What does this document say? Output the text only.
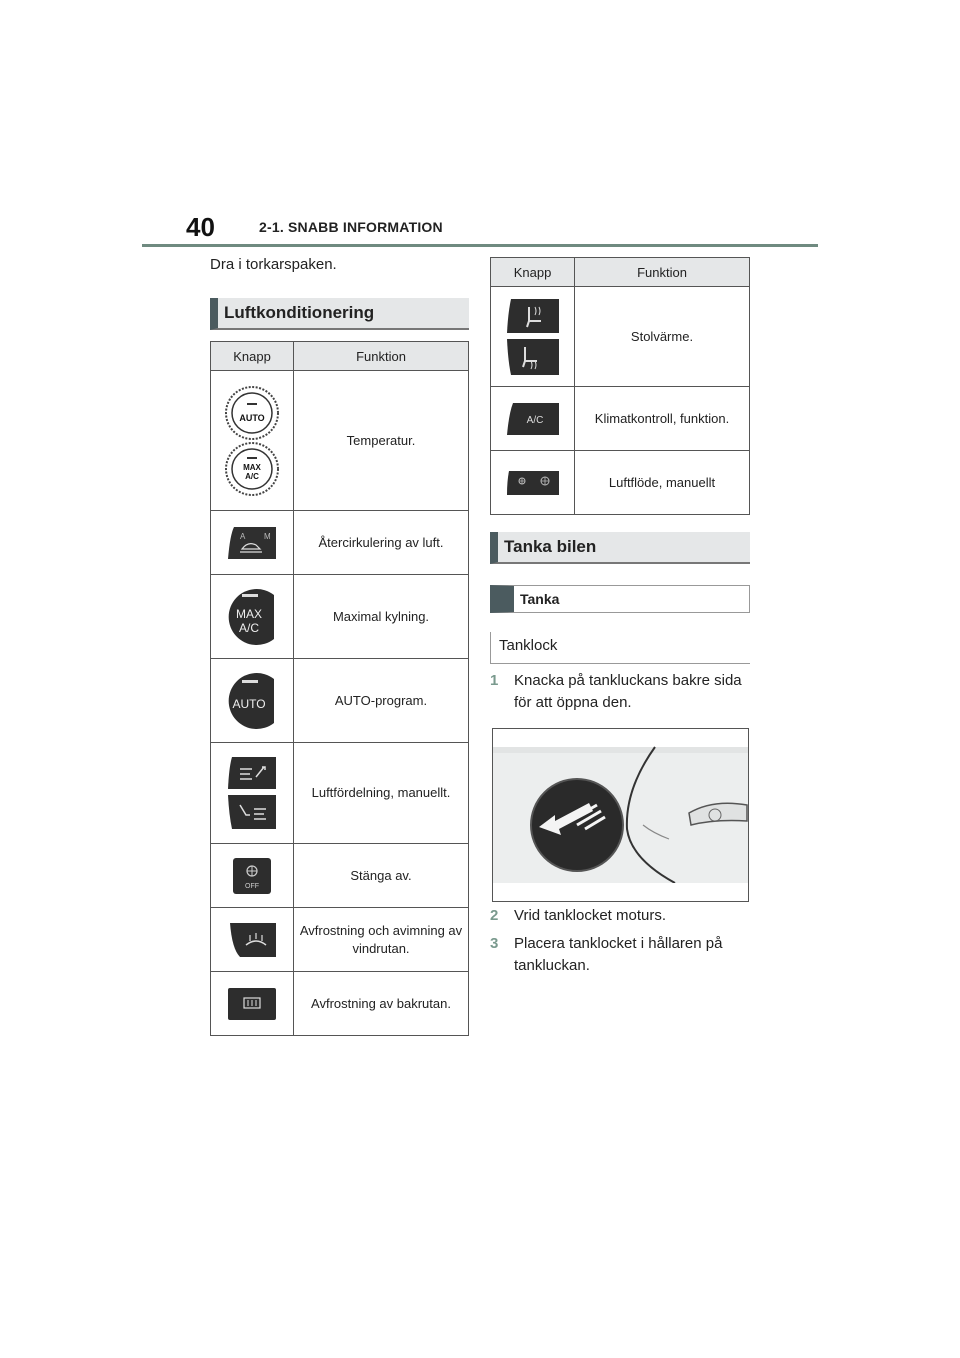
40	2-1. SNABB INFORMATION
Dra i torkarspaken.
Luftkonditionering
Knapp	Funktion

AUTO
MAX
A/C	Temperatur.

A M	Återcirkulering av luft.

MAX
A/C	Maximal kylning.

AUTO	AUTO-program.

	Luftfördelning, manuellt.

OFF	Stänga av.

	Avfrostning och avimning av vindrutan.

	Avfrostning av bakrutan.
Knapp	Funktion

	Stolvärme.

A/C	Klimatkontroll, funktion.

	Luftflöde, manuellt
Tanka bilen
Tanka
Tanklock
1 Knacka på tankluckans bakre sida för att öppna den.
2 Vrid tanklocket moturs.
3 Placera tanklocket i hållaren på tankluckan.
